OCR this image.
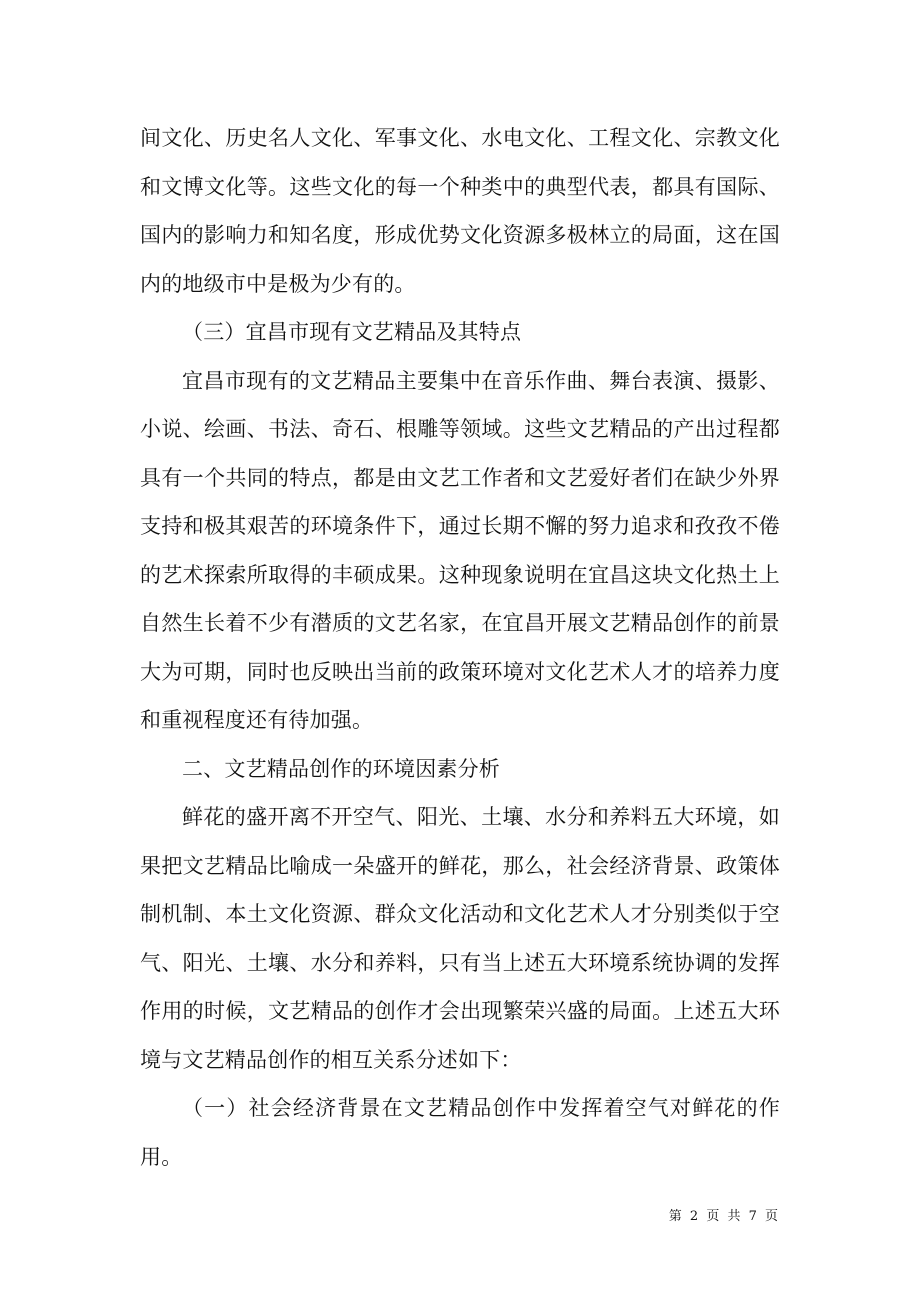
间文化、历史名人文化、军事文化、水电文化、工程文化、宗教文化和文博文化等。这些文化的每一个种类中的典型代表，都具有国际、国内的影响力和知名度，形成优势文化资源多极林立的局面，这在国内的地级市中是极为少有的。

（三）宜昌市现有文艺精品及其特点

宜昌市现有的文艺精品主要集中在音乐作曲、舞台表演、摄影、小说、绘画、书法、奇石、根雕等领域。这些文艺精品的产出过程都具有一个共同的特点，都是由文艺工作者和文艺爱好者们在缺少外界支持和极其艰苦的环境条件下，通过长期不懈的努力追求和孜孜不倦的艺术探索所取得的丰硕成果。这种现象说明在宜昌这块文化热土上自然生长着不少有潜质的文艺名家，在宜昌开展文艺精品创作的前景大为可期，同时也反映出当前的政策环境对文化艺术人才的培养力度和重视程度还有待加强。

二、文艺精品创作的环境因素分析

鲜花的盛开离不开空气、阳光、土壤、水分和养料五大环境，如果把文艺精品比喻成一朵盛开的鲜花，那么，社会经济背景、政策体制机制、本土文化资源、群众文化活动和文化艺术人才分别类似于空气、阳光、土壤、水分和养料，只有当上述五大环境系统协调的发挥作用的时候，文艺精品的创作才会出现繁荣兴盛的局面。上述五大环境与文艺精品创作的相互关系分述如下：

（一）社会经济背景在文艺精品创作中发挥着空气对鲜花的作用。

第 2 页 共 7 页
